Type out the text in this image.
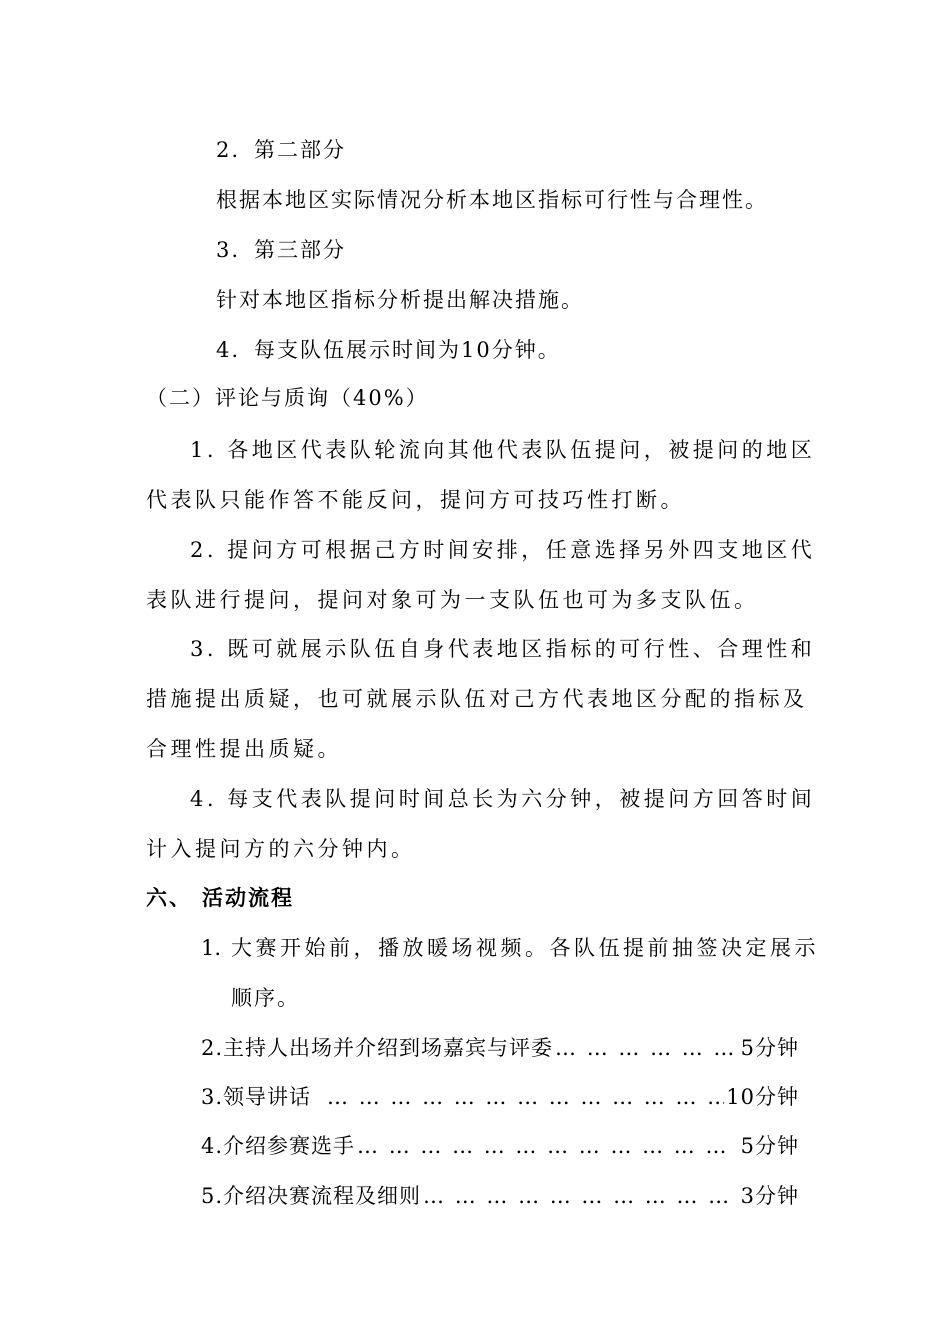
2. 第二部分
根据本地区实际情况分析本地区指标可行性与合理性。
3. 第三部分
针对本地区指标分析提出解决措施。
4. 每支队伍展示时间为10分钟。
（二）评论与质询（40%）
1. 各地区代表队轮流向其他代表队伍提问，被提问的地区
代表队只能作答不能反问，提问方可技巧性打断。
2. 提问方可根据己方时间安排，任意选择另外四支地区代
表队进行提问，提问对象可为一支队伍也可为多支队伍。
3. 既可就展示队伍自身代表地区指标的可行性、合理性和
措施提出质疑，也可就展示队伍对己方代表地区分配的指标及
合理性提出质疑。
4. 每支代表队提问时间总长为六分钟，被提问方回答时间
计入提问方的六分钟内。
六、 活动流程
1. 大赛开始前，播放暖场视频。各队伍提前抽签决定展示
顺序。
2. 主持人出场并介绍到场嘉宾与评委 … … … … … … … … … … … … … … … … … … … … … … … … … … … … … … … … … … … … … … …	5分钟
3. 领导讲话 … … … … … … … … … … … … … … … … … … … … … … … … … … … … … … … … … … … … … … …	10分钟
4. 介绍参赛选手 … … … … … … … … … … … … … … … … … … … … … … … … … … … … … … … … … … … … … … …	5分钟
5. 介绍决赛流程及细则 … … … … … … … … … … … … … … … … … … … … … … … … … … … … … … … … … … … … … … …	3分钟
